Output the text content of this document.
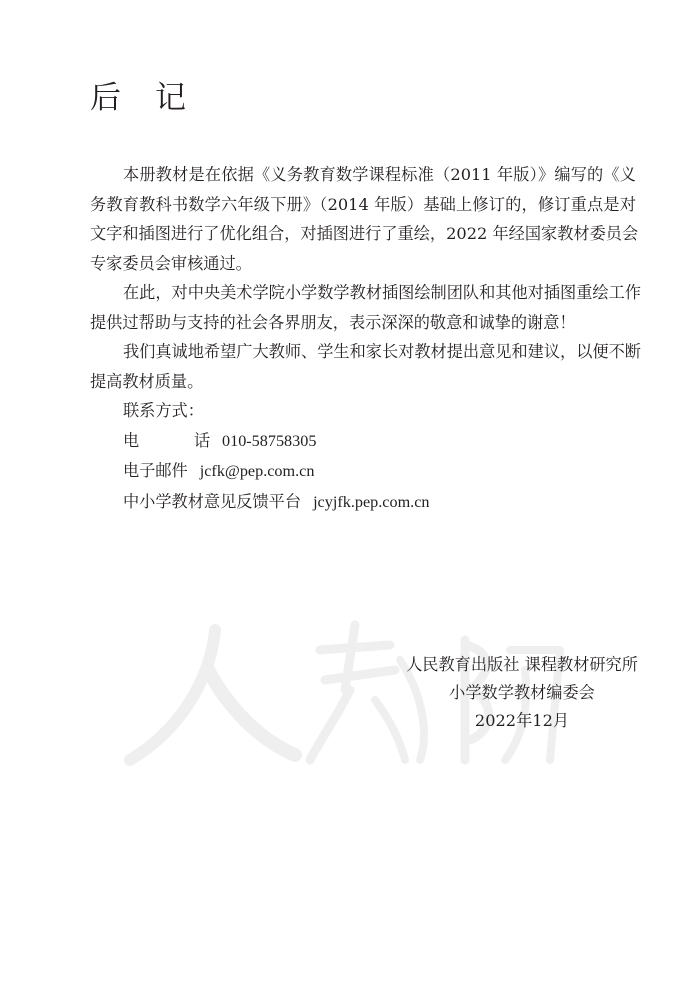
后记
本册教材是在依据《义务教育数学课程标准（2011 年版）》编写的《义
务教育教科书数学六年级下册》（2014 年版）基础上修订的，修订重点是对
文字和插图进行了优化组合，对插图进行了重绘，2022 年经国家教材委员会
专家委员会审核通过。
在此，对中央美术学院小学数学教材插图绘制团队和其他对插图重绘工作
提供过帮助与支持的社会各界朋友，表示深深的敬意和诚挚的谢意！
我们真诚地希望广大教师、学生和家长对教材提出意见和建议，以便不断
提高教材质量。
联系方式：
电	话 010-58758305
电子邮件 jcfk@pep.com.cn
中小学教材意见反馈平台 jcyjfk.pep.com.cn
人民教育出版社 课程教材研究所
小学数学教材编委会
2022年12月
